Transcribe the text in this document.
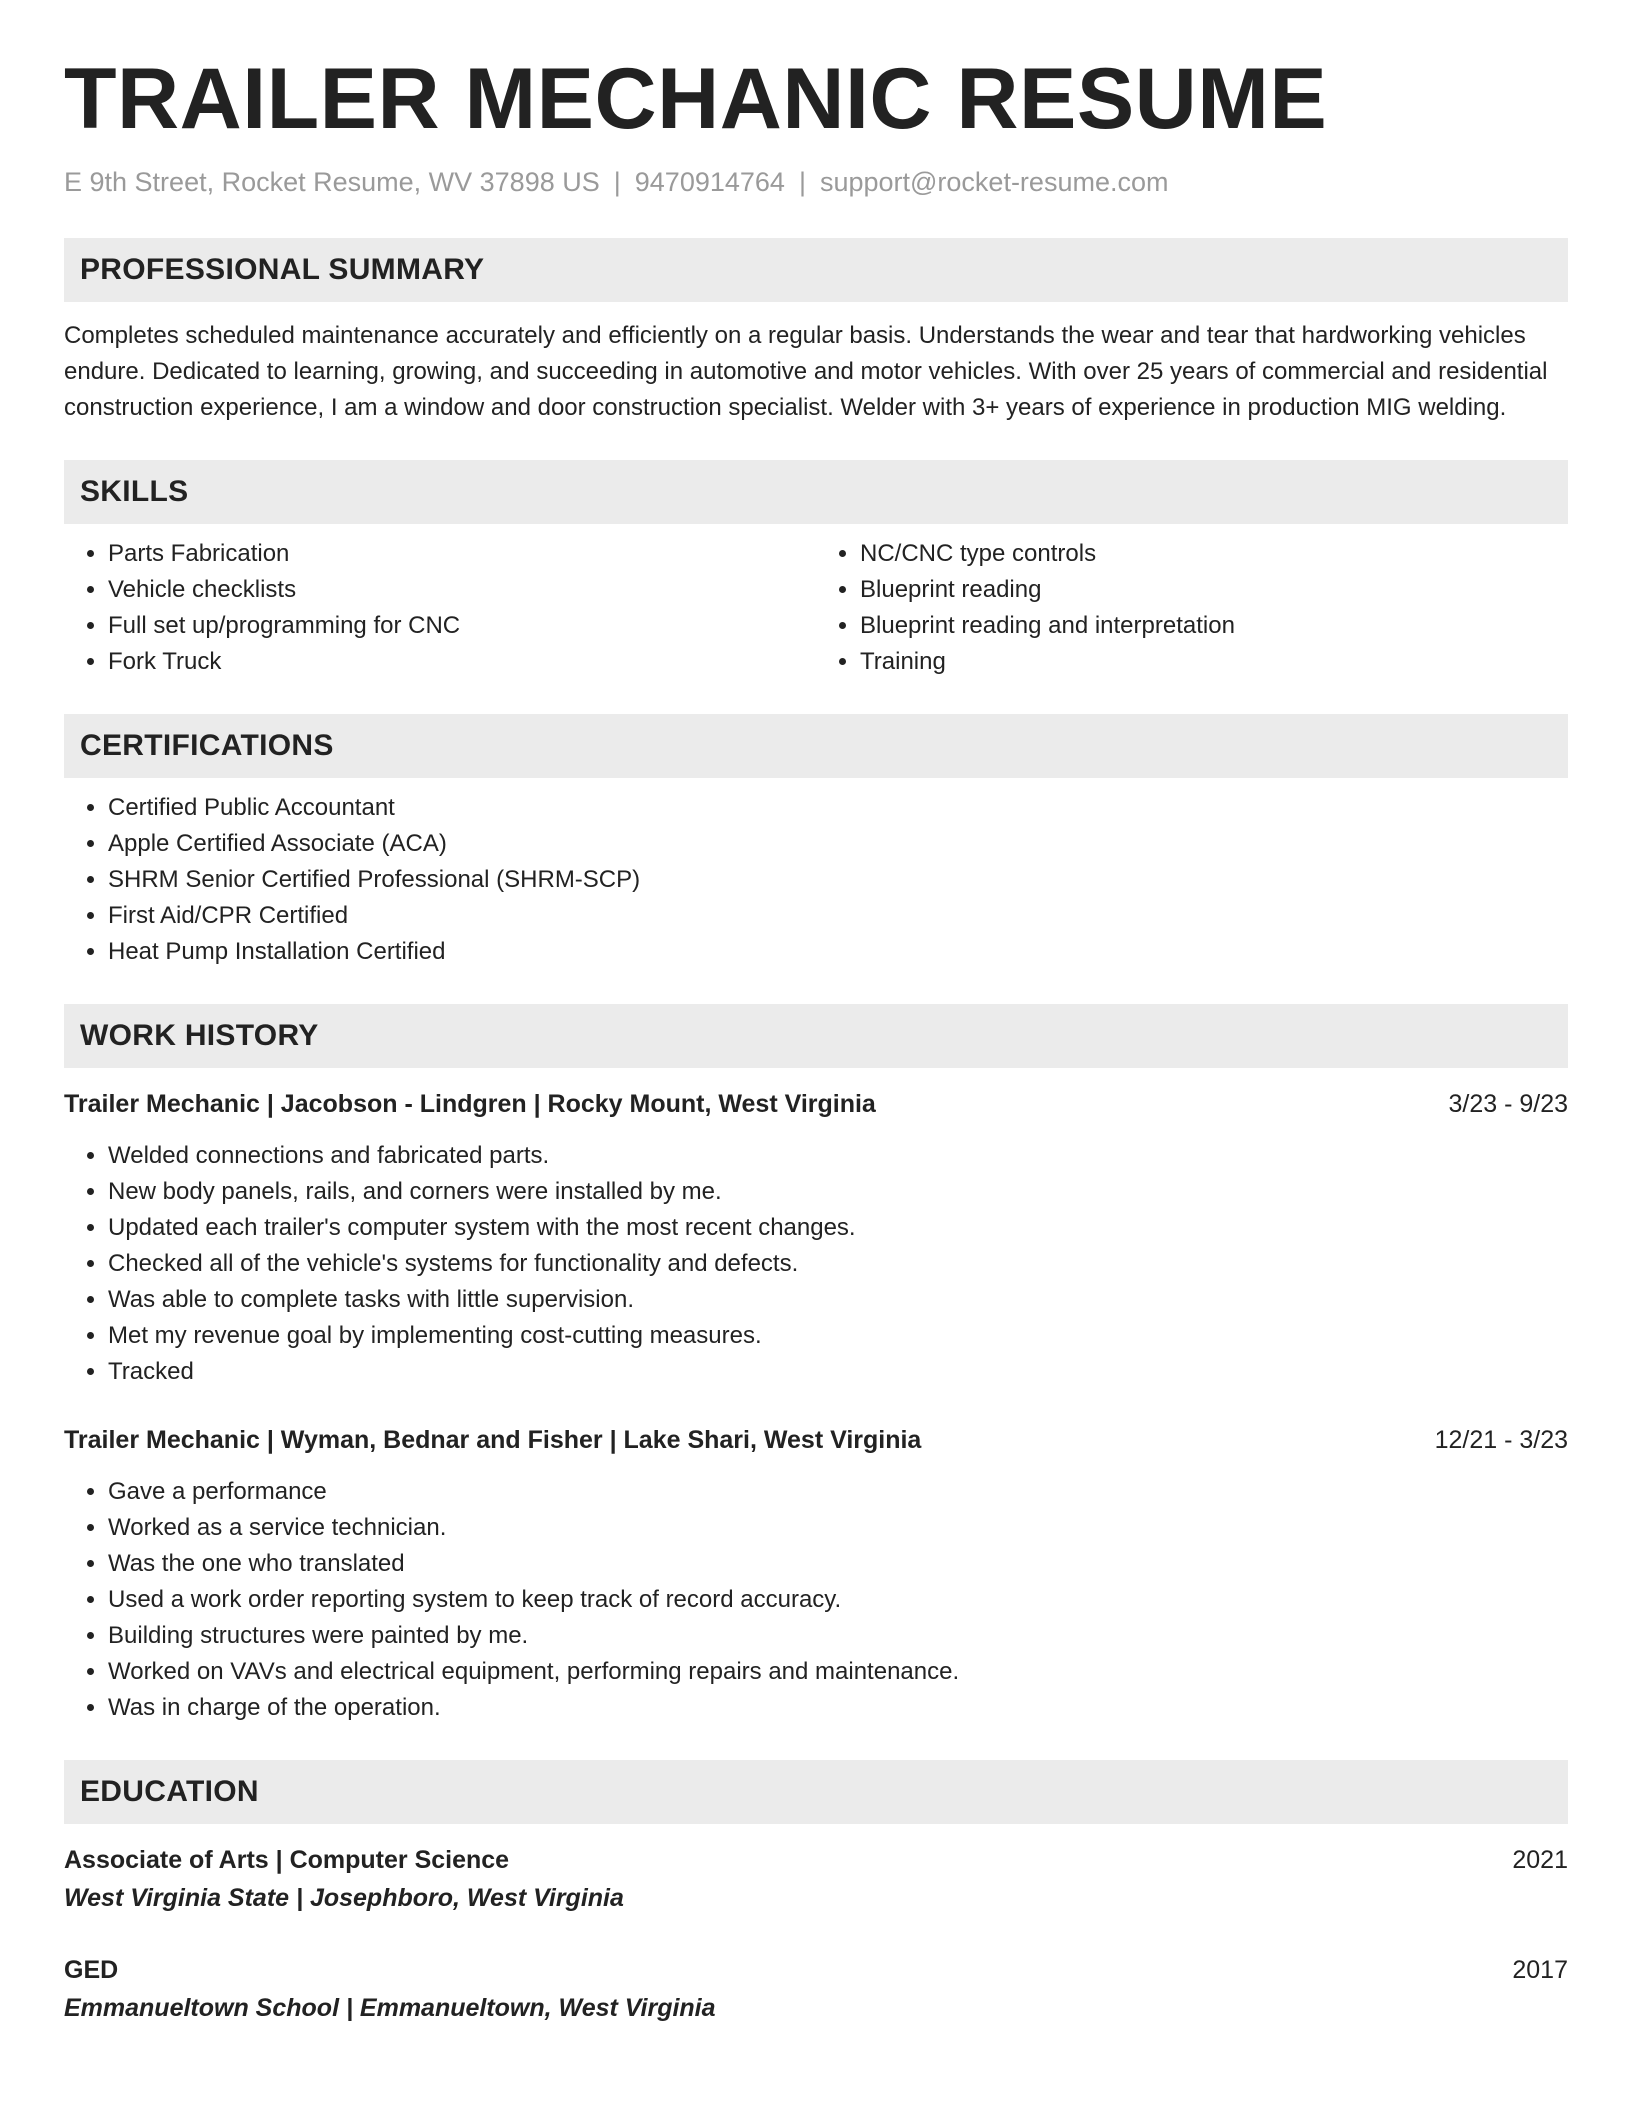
TRAILER MECHANIC RESUME
E 9th Street, Rocket Resume, WV 37898 US | 9470914764 | support@rocket-resume.com
PROFESSIONAL SUMMARY
Completes scheduled maintenance accurately and efficiently on a regular basis. Understands the wear and tear that hardworking vehicles endure. Dedicated to learning, growing, and succeeding in automotive and motor vehicles. With over 25 years of commercial and residential construction experience, I am a window and door construction specialist. Welder with 3+ years of experience in production MIG welding.
SKILLS
• Parts Fabrication
• Vehicle checklists
• Full set up/programming for CNC
• Fork Truck
• NC/CNC type controls
• Blueprint reading
• Blueprint reading and interpretation
• Training
CERTIFICATIONS
• Certified Public Accountant
• Apple Certified Associate (ACA)
• SHRM Senior Certified Professional (SHRM-SCP)
• First Aid/CPR Certified
• Heat Pump Installation Certified
WORK HISTORY
Trailer Mechanic | Jacobson - Lindgren | Rocky Mount, West Virginia	3/23 - 9/23
• Welded connections and fabricated parts.
• New body panels, rails, and corners were installed by me.
• Updated each trailer's computer system with the most recent changes.
• Checked all of the vehicle's systems for functionality and defects.
• Was able to complete tasks with little supervision.
• Met my revenue goal by implementing cost-cutting measures.
• Tracked
Trailer Mechanic | Wyman, Bednar and Fisher | Lake Shari, West Virginia	12/21 - 3/23
• Gave a performance
• Worked as a service technician.
• Was the one who translated
• Used a work order reporting system to keep track of record accuracy.
• Building structures were painted by me.
• Worked on VAVs and electrical equipment, performing repairs and maintenance.
• Was in charge of the operation.
EDUCATION
Associate of Arts | Computer Science	2021
West Virginia State | Josephboro, West Virginia
GED	2017
Emmanueltown School | Emmanueltown, West Virginia
